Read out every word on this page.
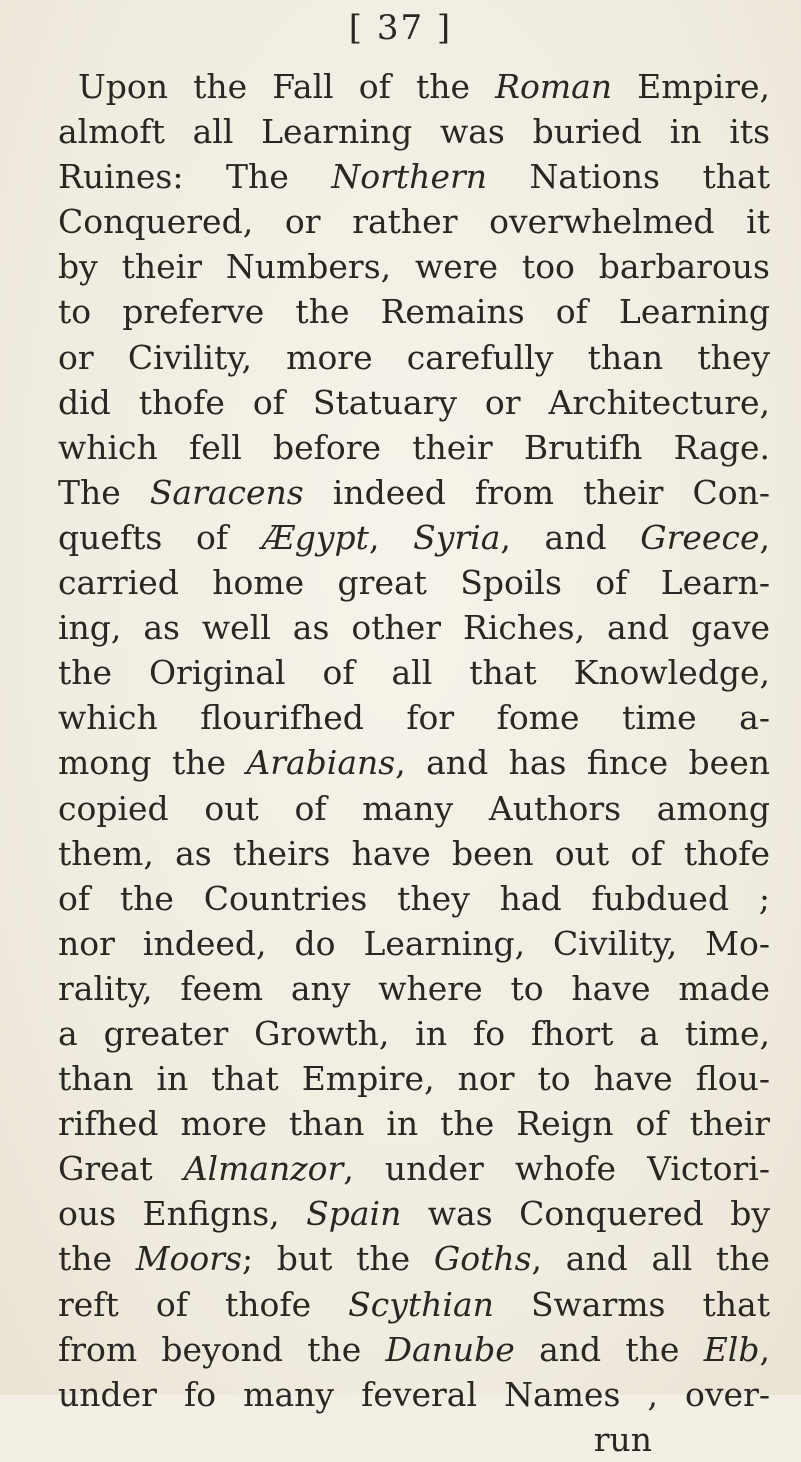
[ 37 ]
Upon the Fall of the Roman Empire,
almoft all Learning was buried in its
Ruines: The Northern Nations that
Conquered, or rather overwhelmed it
by their Numbers, were too barbarous
to preferve the Remains of Learning
or Civility, more carefully than they
did thofe of Statuary or Architecture,
which fell before their Brutifh Rage.
The Saracens indeed from their Con-
quefts of Ægypt, Syria, and Greece,
carried home great Spoils of Learn-
ing, as well as other Riches, and gave
the Original of all that Knowledge,
which flourifhed for fome time a-
mong the Arabians, and has fince been
copied out of many Authors among
them, as theirs have been out of thofe
of the Countries they had fubdued ;
nor indeed, do Learning, Civility, Mo-
rality, feem any where to have made
a greater Growth, in fo fhort a time,
than in that Empire, nor to have flou-
rifhed more than in the Reign of their
Great Almanzor, under whofe Victori-
ous Enfigns, Spain was Conquered by
the Moors; but the Goths, and all the
reft of thofe Scythian Swarms that
from beyond the Danube and the Elb,
under fo many feveral Names , over-
run
